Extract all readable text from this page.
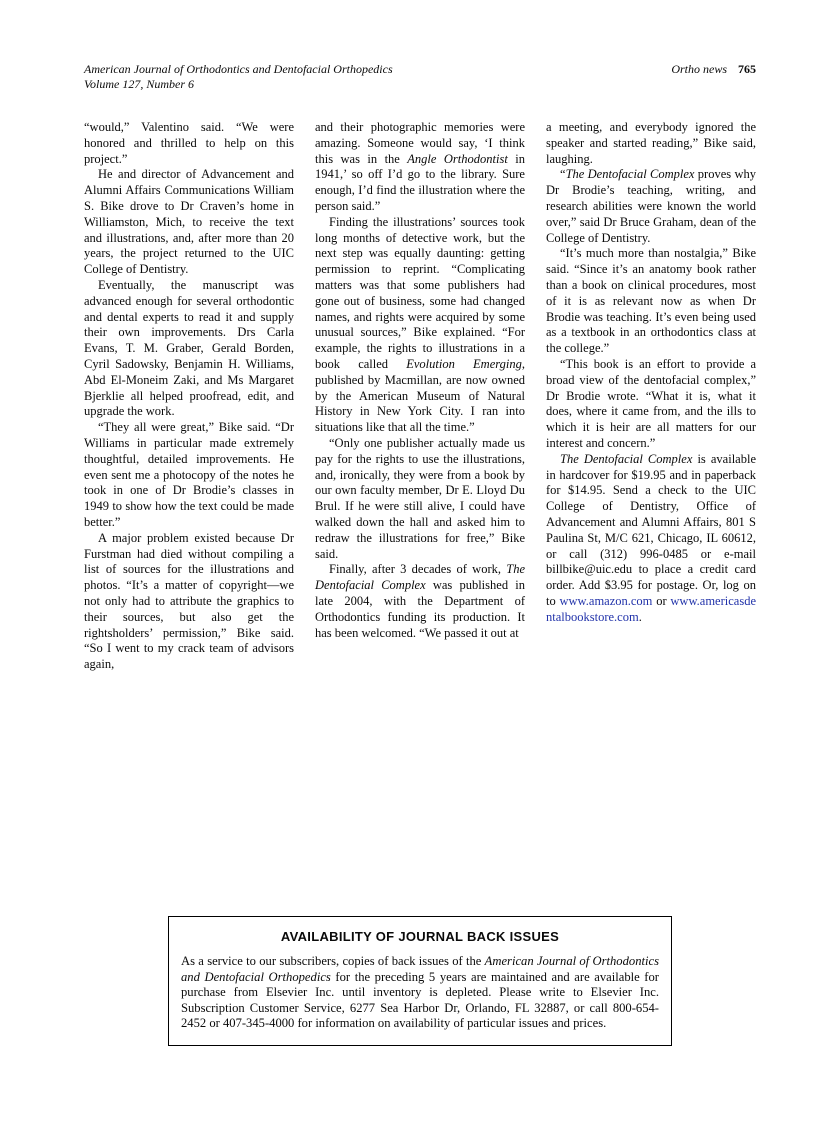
American Journal of Orthodontics and Dentofacial Orthopedics
Volume 127, Number 6
Ortho news 765

“would,” Valentino said. “We were honored and thrilled to help on this project.”

He and director of Advancement and Alumni Affairs Communications William S. Bike drove to Dr Craven’s home in Williamston, Mich, to receive the text and illustrations, and, after more than 20 years, the project returned to the UIC College of Dentistry.

Eventually, the manuscript was advanced enough for several orthodontic and dental experts to read it and supply their own improvements. Drs Carla Evans, T. M. Graber, Gerald Borden, Cyril Sadowsky, Benjamin H. Williams, Abd El-Moneim Zaki, and Ms Margaret Bjerklie all helped proofread, edit, and upgrade the work.

“They all were great,” Bike said. “Dr Williams in particular made extremely thoughtful, detailed improvements. He even sent me a photocopy of the notes he took in one of Dr Brodie’s classes in 1949 to show how the text could be made better.”

A major problem existed because Dr Furstman had died without compiling a list of sources for the illustrations and photos. “It’s a matter of copyright—we not only had to attribute the graphics to their sources, but also get the rightsholders’ permission,” Bike said. “So I went to my crack team of advisors again,

and their photographic memories were amazing. Someone would say, ‘I think this was in the Angle Orthodontist in 1941,’ so off I’d go to the library. Sure enough, I’d find the illustration where the person said.”

Finding the illustrations’ sources took long months of detective work, but the next step was equally daunting: getting permission to reprint. “Complicating matters was that some publishers had gone out of business, some had changed names, and rights were acquired by some unusual sources,” Bike explained. “For example, the rights to illustrations in a book called Evolution Emerging, published by Macmillan, are now owned by the American Museum of Natural History in New York City. I ran into situations like that all the time.”

“Only one publisher actually made us pay for the rights to use the illustrations, and, ironically, they were from a book by our own faculty member, Dr E. Lloyd Du Brul. If he were still alive, I could have walked down the hall and asked him to redraw the illustrations for free,” Bike said.

Finally, after 3 decades of work, The Dentofacial Complex was published in late 2004, with the Department of Orthodontics funding its production. It has been welcomed. “We passed it out at

a meeting, and everybody ignored the speaker and started reading,” Bike said, laughing.

“The Dentofacial Complex proves why Dr Brodie’s teaching, writing, and research abilities were known the world over,” said Dr Bruce Graham, dean of the College of Dentistry.

“It’s much more than nostalgia,” Bike said. “Since it’s an anatomy book rather than a book on clinical procedures, most of it is as relevant now as when Dr Brodie was teaching. It’s even being used as a textbook in an orthodontics class at the college.”

“This book is an effort to provide a broad view of the dentofacial complex,” Dr Brodie wrote. “What it is, what it does, where it came from, and the ills to which it is heir are all matters for our interest and concern.”

The Dentofacial Complex is available in hardcover for $19.95 and in paperback for $14.95. Send a check to the UIC College of Dentistry, Office of Advancement and Alumni Affairs, 801 S Paulina St, M/C 621, Chicago, IL 60612, or call (312) 996-0485 or e-mail billbike@uic.edu to place a credit card order. Add $3.95 for postage. Or, log on to www.amazon.com or www.americasdentalbookstore.com.

AVAILABILITY OF JOURNAL BACK ISSUES

As a service to our subscribers, copies of back issues of the American Journal of Orthodontics and Dentofacial Orthopedics for the preceding 5 years are maintained and are available for purchase from Elsevier Inc. until inventory is depleted. Please write to Elsevier Inc. Subscription Customer Service, 6277 Sea Harbor Dr, Orlando, FL 32887, or call 800-654-2452 or 407-345-4000 for information on availability of particular issues and prices.
